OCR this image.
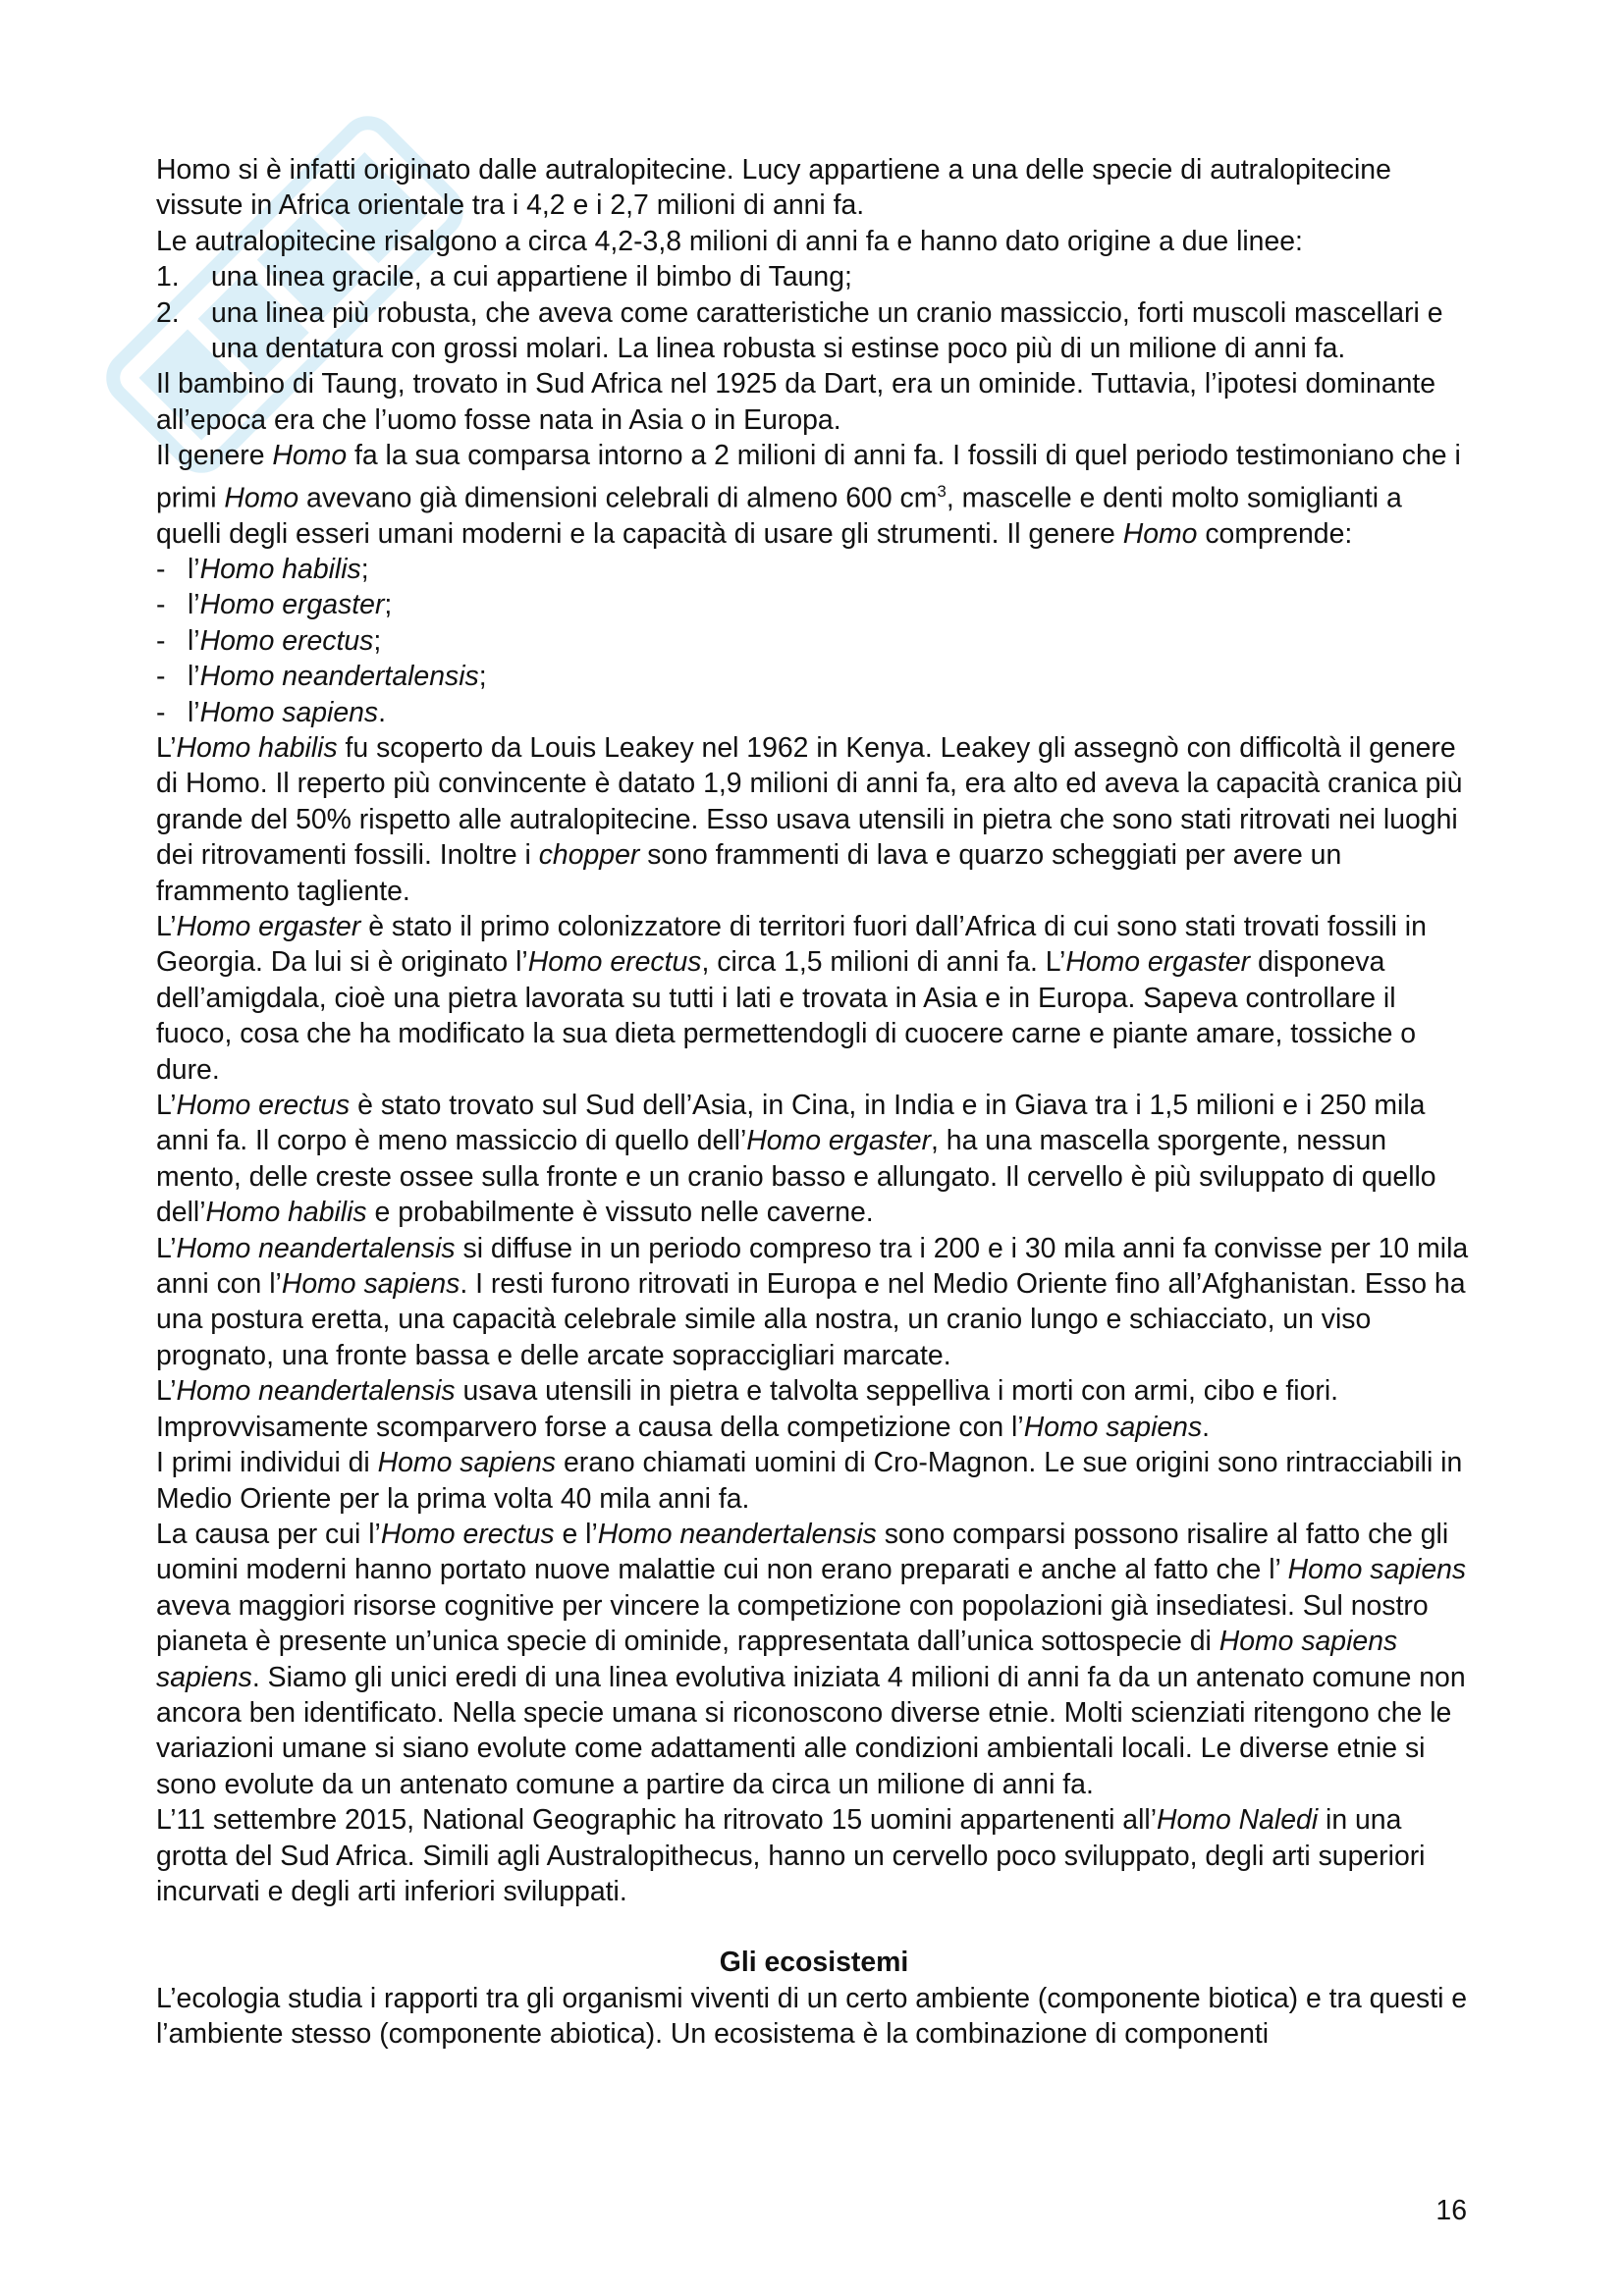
Homo si è infatti originato dalle autralopitecine. Lucy appartiene a una delle specie di autralopitecine vissute in Africa orientale tra i 4,2 e i 2,7 milioni di anni fa.

Le autralopitecine risalgono a circa 4,2-3,8 milioni di anni fa e hanno dato origine a due linee:

1. una linea gracile, a cui appartiene il bimbo di Taung;
2. una linea più robusta, che aveva come caratteristiche un cranio massiccio, forti muscoli mascellari e una dentatura con grossi molari. La linea robusta si estinse poco più di un milione di anni fa.

Il bambino di Taung, trovato in Sud Africa nel 1925 da Dart, era un ominide. Tuttavia, l’ipotesi dominante all’epoca era che l’uomo fosse nata in Asia o in Europa.

Il genere Homo fa la sua comparsa intorno a 2 milioni di anni fa. I fossili di quel periodo testimoniano che i primi Homo avevano già dimensioni celebrali di almeno 600 $cm^3$, mascelle e denti molto somiglianti a quelli degli esseri umani moderni e la capacità di usare gli strumenti. Il genere Homo comprende:

- l’Homo habilis;
- l’Homo ergaster;
- l’Homo erectus;
- l’Homo neandertalensis;
- l’Homo sapiens.

L’Homo habilis fu scoperto da Louis Leakey nel 1962 in Kenya. Leakey gli assegnò con difficoltà il genere di Homo. Il reperto più convincente è datato 1,9 milioni di anni fa, era alto ed aveva la capacità cranica più grande del 50% rispetto alle autralopitecine. Esso usava utensili in pietra che sono stati ritrovati nei luoghi dei ritrovamenti fossili. Inoltre i chopper sono frammenti di lava e quarzo scheggiati per avere un frammento tagliente.

L’Homo ergaster è stato il primo colonizzatore di territori fuori dall’Africa di cui sono stati trovati fossili in Georgia. Da lui si è originato l’Homo erectus, circa 1,5 milioni di anni fa. L’Homo ergaster disponeva dell’amigdala, cioè una pietra lavorata su tutti i lati e trovata in Asia e in Europa. Sapeva controllare il fuoco, cosa che ha modificato la sua dieta permettendogli di cuocere carne e piante amare, tossiche o dure.

L’Homo erectus è stato trovato sul Sud dell’Asia, in Cina, in India e in Giava tra i 1,5 milioni e i 250 mila anni fa. Il corpo è meno massiccio di quello dell’Homo ergaster, ha una mascella sporgente, nessun mento, delle creste ossee sulla fronte e un cranio basso e allungato. Il cervello è più sviluppato di quello dell’Homo habilis e probabilmente è vissuto nelle caverne.

L’Homo neandertalensis si diffuse in un periodo compreso tra i 200 e i 30 mila anni fa convisse per 10 mila anni con l’Homo sapiens. I resti furono ritrovati in Europa e nel Medio Oriente fino all’Afghanistan. Esso ha una postura eretta, una capacità celebrale simile alla nostra, un cranio lungo e schiacciato, un viso prognato, una fronte bassa e delle arcate sopraccigliari marcate.

L’Homo neandertalensis usava utensili in pietra e talvolta seppelliva i morti con armi, cibo e fiori. Improvvisamente scomparvero forse a causa della competizione con l’Homo sapiens.

I primi individui di Homo sapiens erano chiamati uomini di Cro-Magnon. Le sue origini sono rintracciabili in Medio Oriente per la prima volta 40 mila anni fa.

La causa per cui l’Homo erectus e l’Homo neandertalensis sono comparsi possono risalire al fatto che gli uomini moderni hanno portato nuove malattie cui non erano preparati e anche al fatto che l’ Homo sapiens aveva maggiori risorse cognitive per vincere la competizione con popolazioni già insediatesi. Sul nostro pianeta è presente un’unica specie di ominide, rappresentata dall’unica sottospecie di Homo sapiens sapiens. Siamo gli unici eredi di una linea evolutiva iniziata 4 milioni di anni fa da un antenato comune non ancora ben identificato. Nella specie umana si riconoscono diverse etnie. Molti scienziati ritengono che le variazioni umane si siano evolute come adattamenti alle condizioni ambientali locali. Le diverse etnie si sono evolute da un antenato comune a partire da circa un milione di anni fa.

L’11 settembre 2015, National Geographic ha ritrovato 15 uomini appartenenti all’Homo Naledi in una grotta del Sud Africa. Simili agli Australopithecus, hanno un cervello poco sviluppato, degli arti superiori incurvati e degli arti inferiori sviluppati.

Gli ecosistemi

L’ecologia studia i rapporti tra gli organismi viventi di un certo ambiente (componente biotica) e tra questi e l’ambiente stesso (componente abiotica). Un ecosistema è la combinazione di componenti

16
